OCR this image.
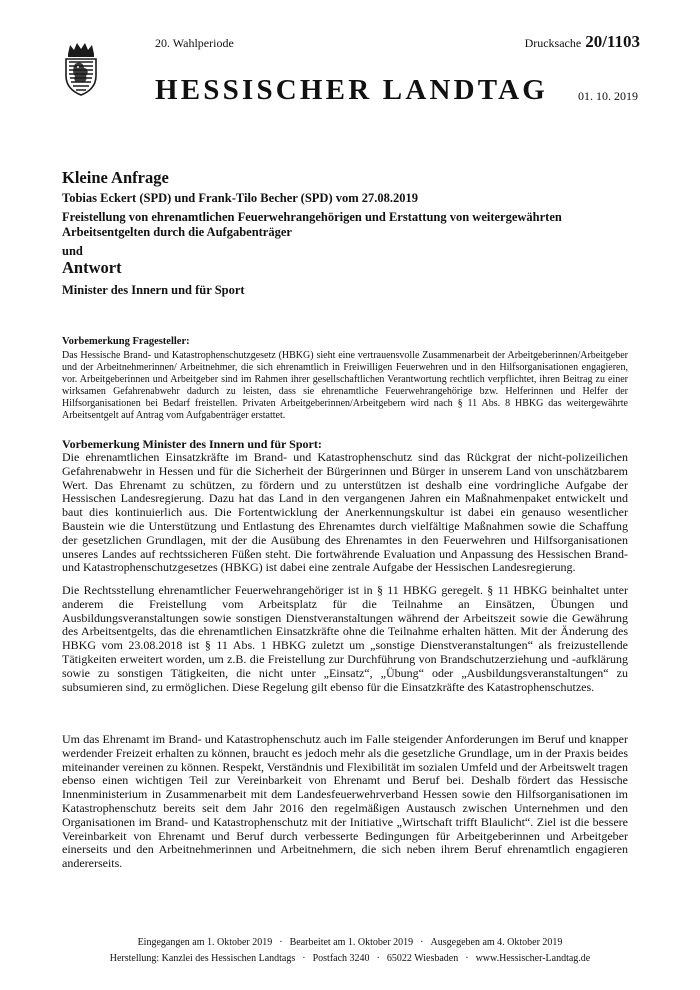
20. Wahlperiode
HESSISCHER LANDTAG
Drucksache 20/1103
01. 10. 2019
Kleine Anfrage
Tobias Eckert (SPD) und Frank-Tilo Becher (SPD) vom 27.08.2019
Freistellung von ehrenamtlichen Feuerwehrangehörigen und Erstattung von weitergewährten Arbeitsentgelten durch die Aufgabenträger
und
Antwort
Minister des Innern und für Sport
Vorbemerkung Fragesteller:

Das Hessische Brand- und Katastrophenschutzgesetz (HBKG) sieht eine vertrauensvolle Zusammenarbeit der Arbeitgeberinnen/Arbeitgeber und der Arbeitnehmerinnen/ Arbeitnehmer, die sich ehrenamtlich in Freiwilligen Feuerwehren und in den Hilfsorganisationen engagieren, vor. Arbeitgeberinnen und Arbeitgeber sind im Rahmen ihrer gesellschaftlichen Verantwortung rechtlich verpflichtet, ihren Beitrag zu einer wirksamen Gefahrenabwehr dadurch zu leisten, dass sie ehrenamtliche Feuerwehrangehörige bzw. Helferinnen und Helfer der Hilfsorganisationen bei Bedarf freistellen. Privaten Arbeitgeberinnen/Arbeitgebern wird nach § 11 Abs. 8 HBKG das weitergewährte Arbeitsentgelt auf Antrag vom Aufgabenträger erstattet.

Vorbemerkung Minister des Innern und für Sport:

Die ehrenamtlichen Einsatzkräfte im Brand- und Katastrophenschutz sind das Rückgrat der nicht-polizeilichen Gefahrenabwehr in Hessen und für die Sicherheit der Bürgerinnen und Bürger in unserem Land von unschätzbarem Wert. Das Ehrenamt zu schützen, zu fördern und zu unterstützen ist deshalb eine vordringliche Aufgabe der Hessischen Landesregierung. Dazu hat das Land in den vergangenen Jahren ein Maßnahmenpaket entwickelt und baut dies kontinuierlich aus. Die Fortentwicklung der Anerkennungskultur ist dabei ein genauso wesentlicher Baustein wie die Unterstützung und Entlastung des Ehrenamtes durch vielfältige Maßnahmen sowie die Schaffung der gesetzlichen Grundlagen, mit der die Ausübung des Ehrenamtes in den Feuerwehren und Hilfsorganisationen unseres Landes auf rechtssicheren Füßen steht. Die fortwährende Evaluation und Anpassung des Hessischen Brand- und Katastrophenschutzgesetzes (HBKG) ist dabei eine zentrale Aufgabe der Hessischen Landesregierung.

Die Rechtsstellung ehrenamtlicher Feuerwehrangehöriger ist in § 11 HBKG geregelt. § 11 HBKG beinhaltet unter anderem die Freistellung vom Arbeitsplatz für die Teilnahme an Einsätzen, Übungen und Ausbildungsveranstaltungen sowie sonstigen Dienstveranstaltungen während der Arbeitszeit sowie die Gewährung des Arbeitsentgelts, das die ehrenamtlichen Einsatzkräfte ohne die Teilnahme erhalten hätten. Mit der Änderung des HBKG vom 23.08.2018 ist § 11 Abs. 1 HBKG zuletzt um „sonstige Dienstveranstaltungen“ als freizustellende Tätigkeiten erweitert worden, um z.B. die Freistellung zur Durchführung von Brandschutzerziehung und -aufklärung sowie zu sonstigen Tätigkeiten, die nicht unter „Einsatz“, „Übung“ oder „Ausbildungsveranstaltungen“ zu subsumieren sind, zu ermöglichen. Diese Regelung gilt ebenso für die Einsatzkräfte des Katastrophenschutzes.

Um das Ehrenamt im Brand- und Katastrophenschutz auch im Falle steigender Anforderungen im Beruf und knapper werdender Freizeit erhalten zu können, braucht es jedoch mehr als die gesetzliche Grundlage, um in der Praxis beides miteinander vereinen zu können. Respekt, Verständnis und Flexibilität im sozialen Umfeld und der Arbeitswelt tragen ebenso einen wichtigen Teil zur Vereinbarkeit von Ehrenamt und Beruf bei. Deshalb fördert das Hessische Innenministerium in Zusammenarbeit mit dem Landesfeuerwehrverband Hessen sowie den Hilfsorganisationen im Katastrophenschutz bereits seit dem Jahr 2016 den regelmäßigen Austausch zwischen Unternehmen und den Organisationen im Brand- und Katastrophenschutz mit der Initiative „Wirtschaft trifft Blaulicht“. Ziel ist die bessere Vereinbarkeit von Ehrenamt und Beruf durch verbesserte Bedingungen für Arbeitgeberinnen und Arbeitgeber einerseits und den Arbeitnehmerinnen und Arbeitnehmern, die sich neben ihrem Beruf ehrenamtlich engagieren andererseits.

Eingegangen am 1. Oktober 2019 · Bearbeitet am 1. Oktober 2019 · Ausgegeben am 4. Oktober 2019
Herstellung: Kanzlei des Hessischen Landtags · Postfach 3240 · 65022 Wiesbaden · www.Hessischer-Landtag.de
